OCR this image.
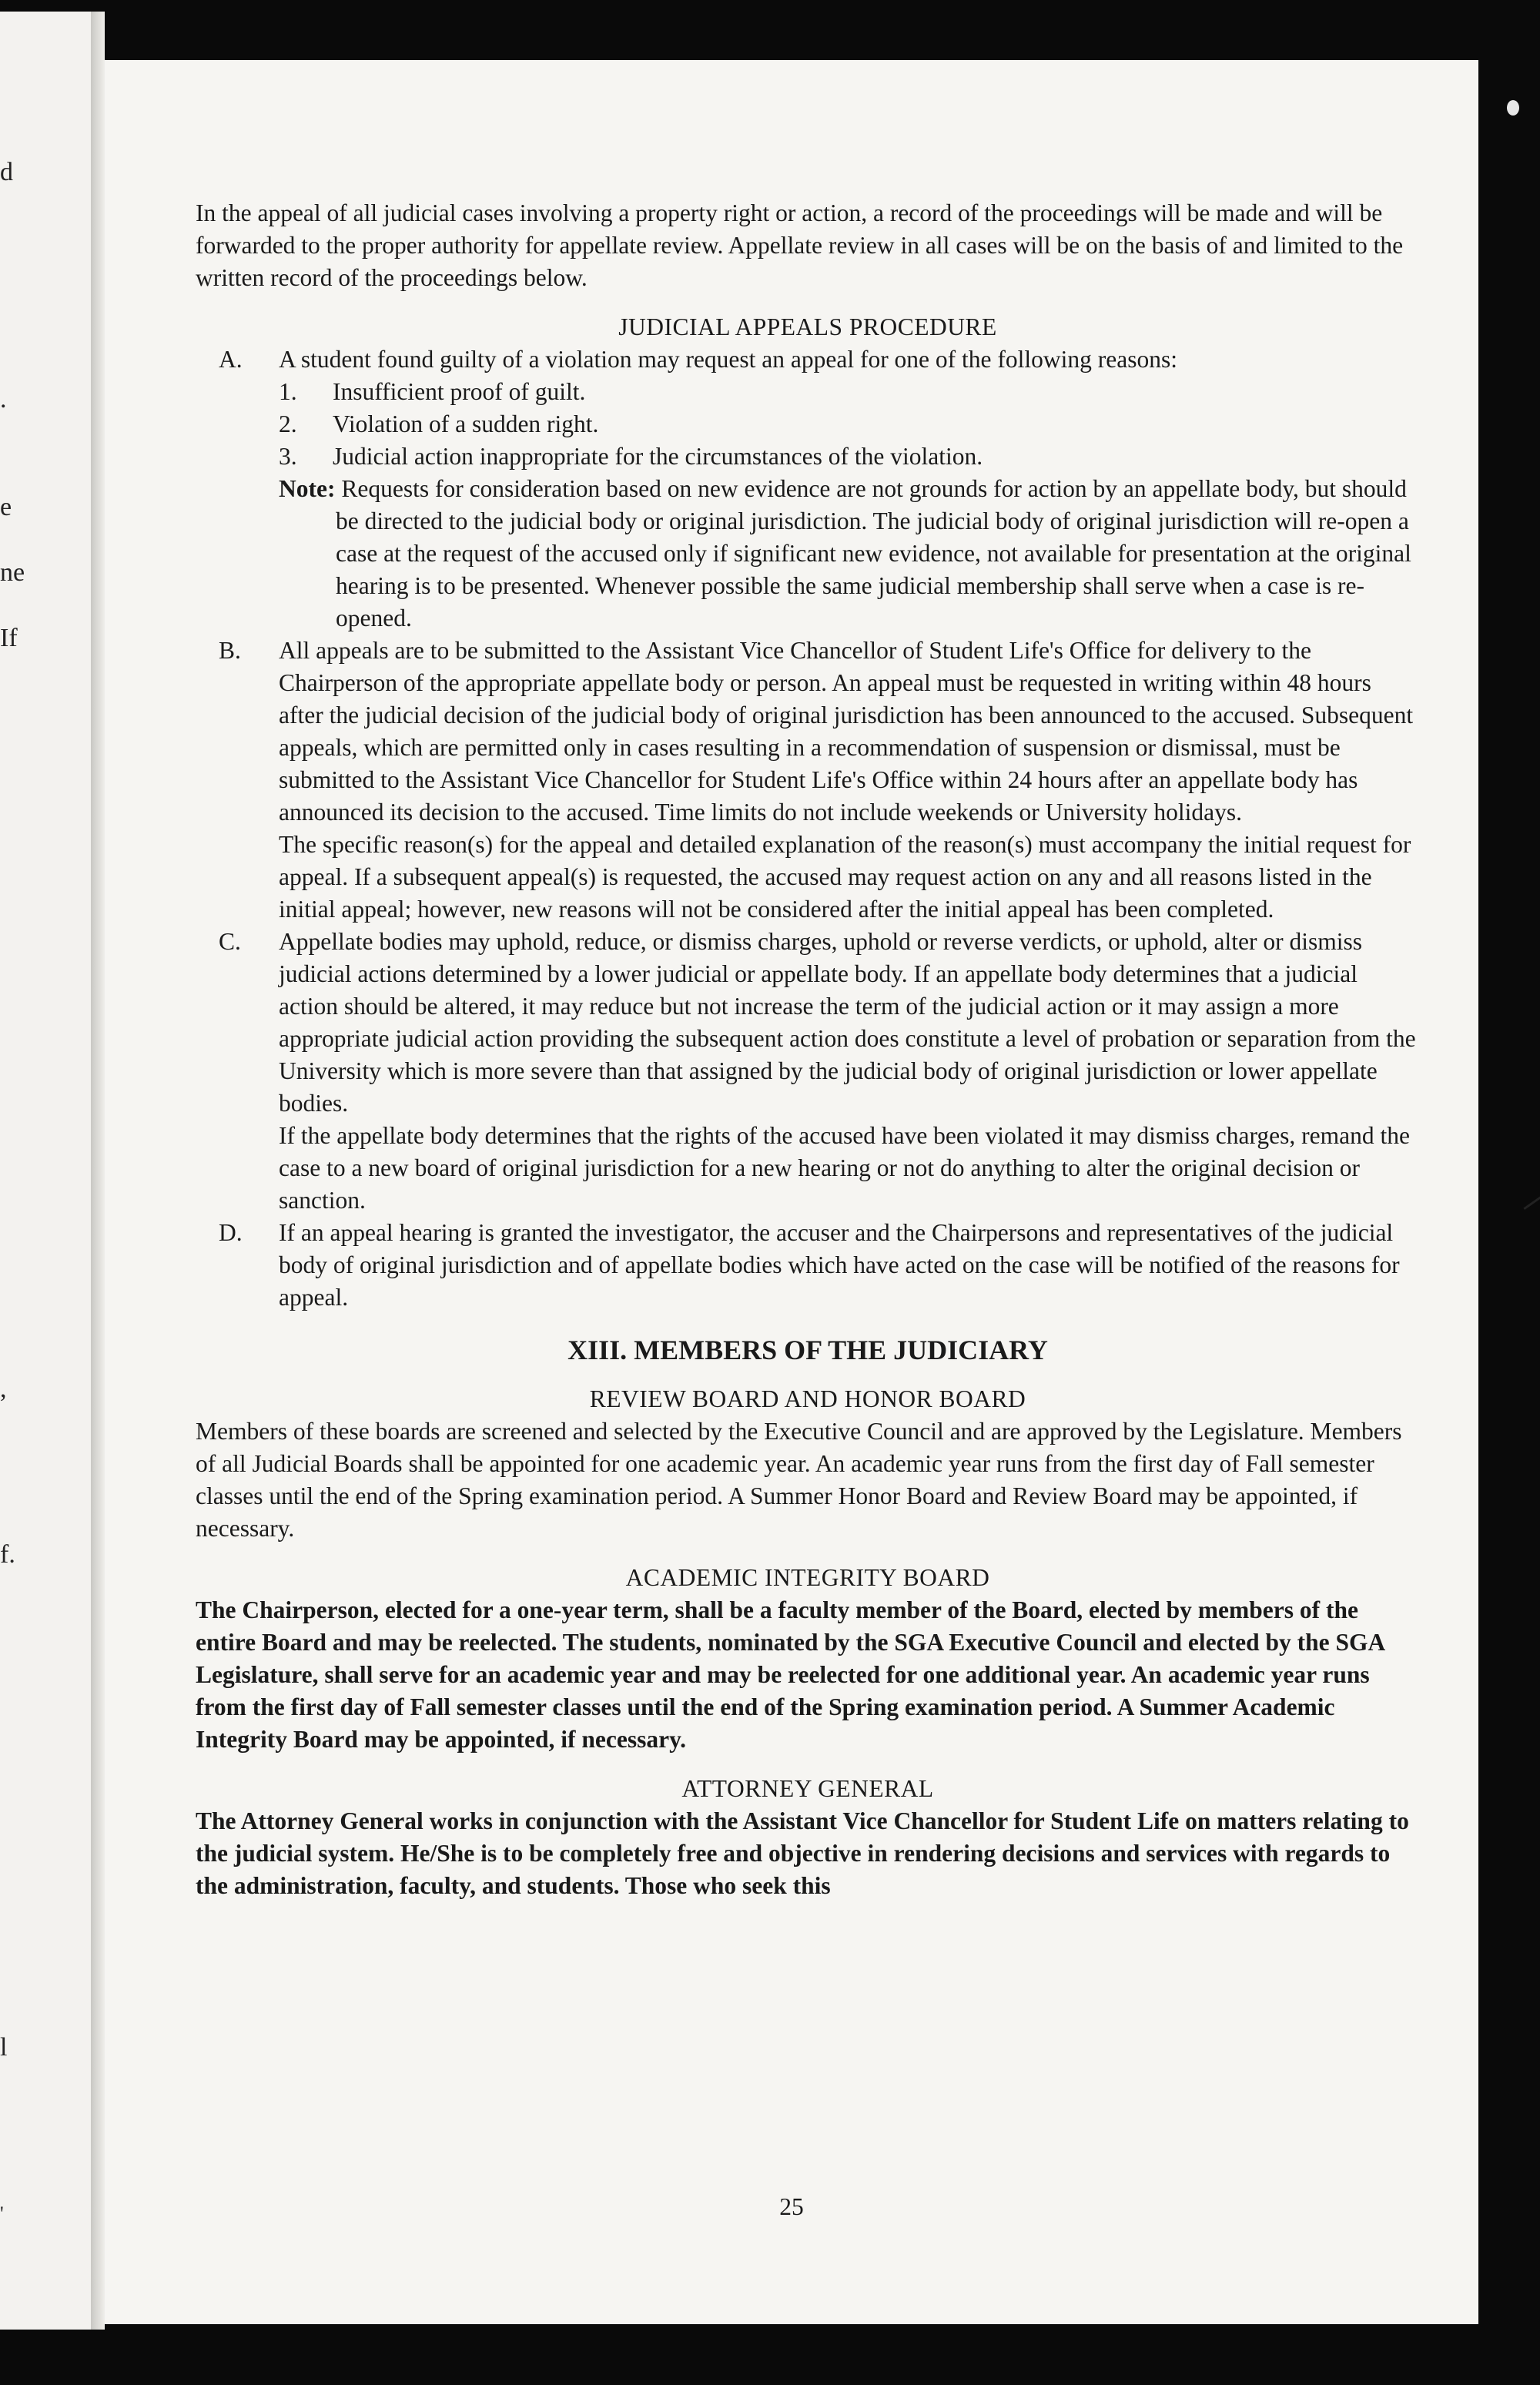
d
.
e
ne
If
,
f.
l
'

In the appeal of all judicial cases involving a property right or action, a record of the proceedings will be made and will be forwarded to the proper authority for appellate review. Appellate review in all cases will be on the basis of and limited to the written record of the proceedings below.

JUDICIAL APPEALS PROCEDURE

A. A student found guilty of a violation may request an appeal for one of the following reasons:
1. Insufficient proof of guilt.
2. Violation of a sudden right.
3. Judicial action inappropriate for the circumstances of the violation.

Note: Requests for consideration based on new evidence are not grounds for action by an appellate body, but should be directed to the judicial body or original jurisdiction. The judicial body of original jurisdiction will re-open a case at the request of the accused only if significant new evidence, not available for presentation at the original hearing is to be presented. Whenever possible the same judicial membership shall serve when a case is re-opened.

B. All appeals are to be submitted to the Assistant Vice Chancellor of Student Life's Office for delivery to the Chairperson of the appropriate appellate body or person. An appeal must be requested in writing within 48 hours after the judicial decision of the judicial body of original jurisdiction has been announced to the accused. Subsequent appeals, which are permitted only in cases resulting in a recommendation of suspension or dismissal, must be submitted to the Assistant Vice Chancellor for Student Life's Office within 24 hours after an appellate body has announced its decision to the accused. Time limits do not include weekends or University holidays.

The specific reason(s) for the appeal and detailed explanation of the reason(s) must accompany the initial request for appeal. If a subsequent appeal(s) is requested, the accused may request action on any and all reasons listed in the initial appeal; however, new reasons will not be considered after the initial appeal has been completed.

C. Appellate bodies may uphold, reduce, or dismiss charges, uphold or reverse verdicts, or uphold, alter or dismiss judicial actions determined by a lower judicial or appellate body. If an appellate body determines that a judicial action should be altered, it may reduce but not increase the term of the judicial action or it may assign a more appropriate judicial action providing the subsequent action does constitute a level of probation or separation from the University which is more severe than that assigned by the judicial body of original jurisdiction or lower appellate bodies.

If the appellate body determines that the rights of the accused have been violated it may dismiss charges, remand the case to a new board of original jurisdiction for a new hearing or not do anything to alter the original decision or sanction.

D. If an appeal hearing is granted the investigator, the accuser and the Chairpersons and representatives of the judicial body of original jurisdiction and of appellate bodies which have acted on the case will be notified of the reasons for appeal.

XIII. MEMBERS OF THE JUDICIARY

REVIEW BOARD AND HONOR BOARD

Members of these boards are screened and selected by the Executive Council and are approved by the Legislature. Members of all Judicial Boards shall be appointed for one academic year. An academic year runs from the first day of Fall semester classes until the end of the Spring examination period. A Summer Honor Board and Review Board may be appointed, if necessary.

ACADEMIC INTEGRITY BOARD

The Chairperson, elected for a one-year term, shall be a faculty member of the Board, elected by members of the entire Board and may be reelected. The students, nominated by the SGA Executive Council and elected by the SGA Legislature, shall serve for an academic year and may be reelected for one additional year. An academic year runs from the first day of Fall semester classes until the end of the Spring examination period. A Summer Academic Integrity Board may be appointed, if necessary.

ATTORNEY GENERAL

The Attorney General works in conjunction with the Assistant Vice Chancellor for Student Life on matters relating to the judicial system. He/She is to be completely free and objective in rendering decisions and services with regards to the administration, faculty, and students. Those who seek this

25
